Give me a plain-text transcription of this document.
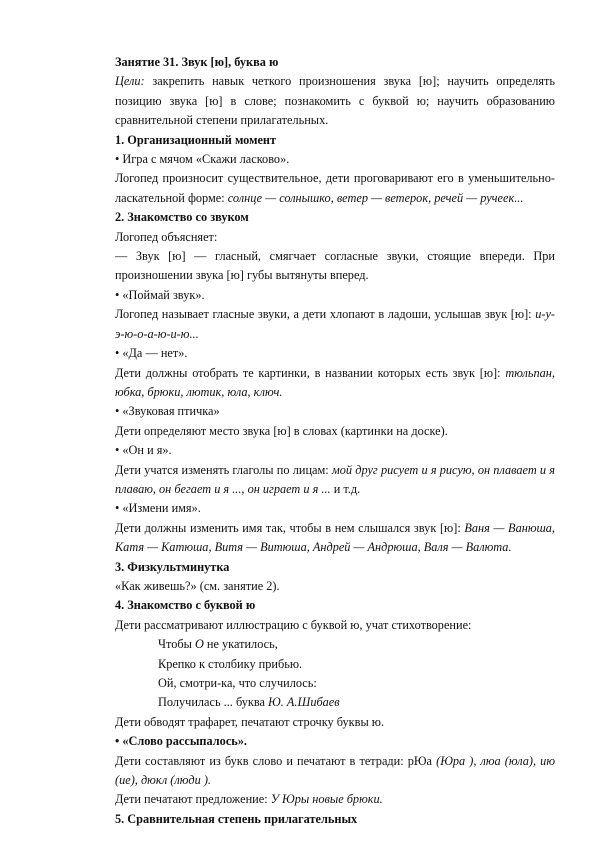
Занятие 31. Звук [ю], буква ю

Цели: закрепить навык четкого произношения звука [ю]; научить определять позицию звука [ю] в слове; познакомить с буквой ю; научить образованию сравнительной степени прилагательных.

1. Организационный момент

• Игра с мячом «Скажи ласково».

Логопед произносит существительное, дети проговаривают его в уменьшительно-ласкательной форме: солнце — солнышко, ветер — ветерок, речей — ручеек...

2. Знакомство со звуком

Логопед объясняет:

— Звук [ю] — гласный, смягчает согласные звуки, стоящие впереди. При произношении звука [ю] губы вытянуты вперед.

• «Поймай звук».

Логопед называет гласные звуки, а дети хлопают в ладоши, услышав звук [ю]: и-у-э-ю-о-а-ю-и-ю...

• «Да — нет».

Дети должны отобрать те картинки, в названии которых есть звук [ю]: тюльпан, юбка, брюки, лютик, юла, ключ.

• «Звуковая птичка»

Дети определяют место звука [ю] в словах (картинки на доске).

• «Он и я».

Дети учатся изменять глаголы по лицам: мой друг рисует и я рисую, он плавает и я плаваю, он бегает и я ..., он играет и я ... и т.д.

• «Измени имя».

Дети должны изменить имя так, чтобы в нем слышался звук [ю]: Ваня — Ванюша, Катя — Катюша, Витя — Витюша, Андрей — Андрюша, Валя — Валюта.

3. Физкультминутка

«Как живешь?» (см. занятие 2).

4. Знакомство с буквой ю

Дети рассматривают иллюстрацию с буквой ю, учат стихотворение:

Чтобы О не укатилось,

Крепко к столбику прибью.

Ой, смотри-ка, что случилось:

Получилась ... буква Ю. А.Шибаев

Дети обводят трафарет, печатают строчку буквы ю.

• «Слово рассыпалось».

Дети составляют из букв слово и печатают в тетради: рЮа (Юра ), люа (юла), ию (ие), дюкл (люди ).

Дети печатают предложение: У Юры новые брюки.

5. Сравнительная степень прилагательных
